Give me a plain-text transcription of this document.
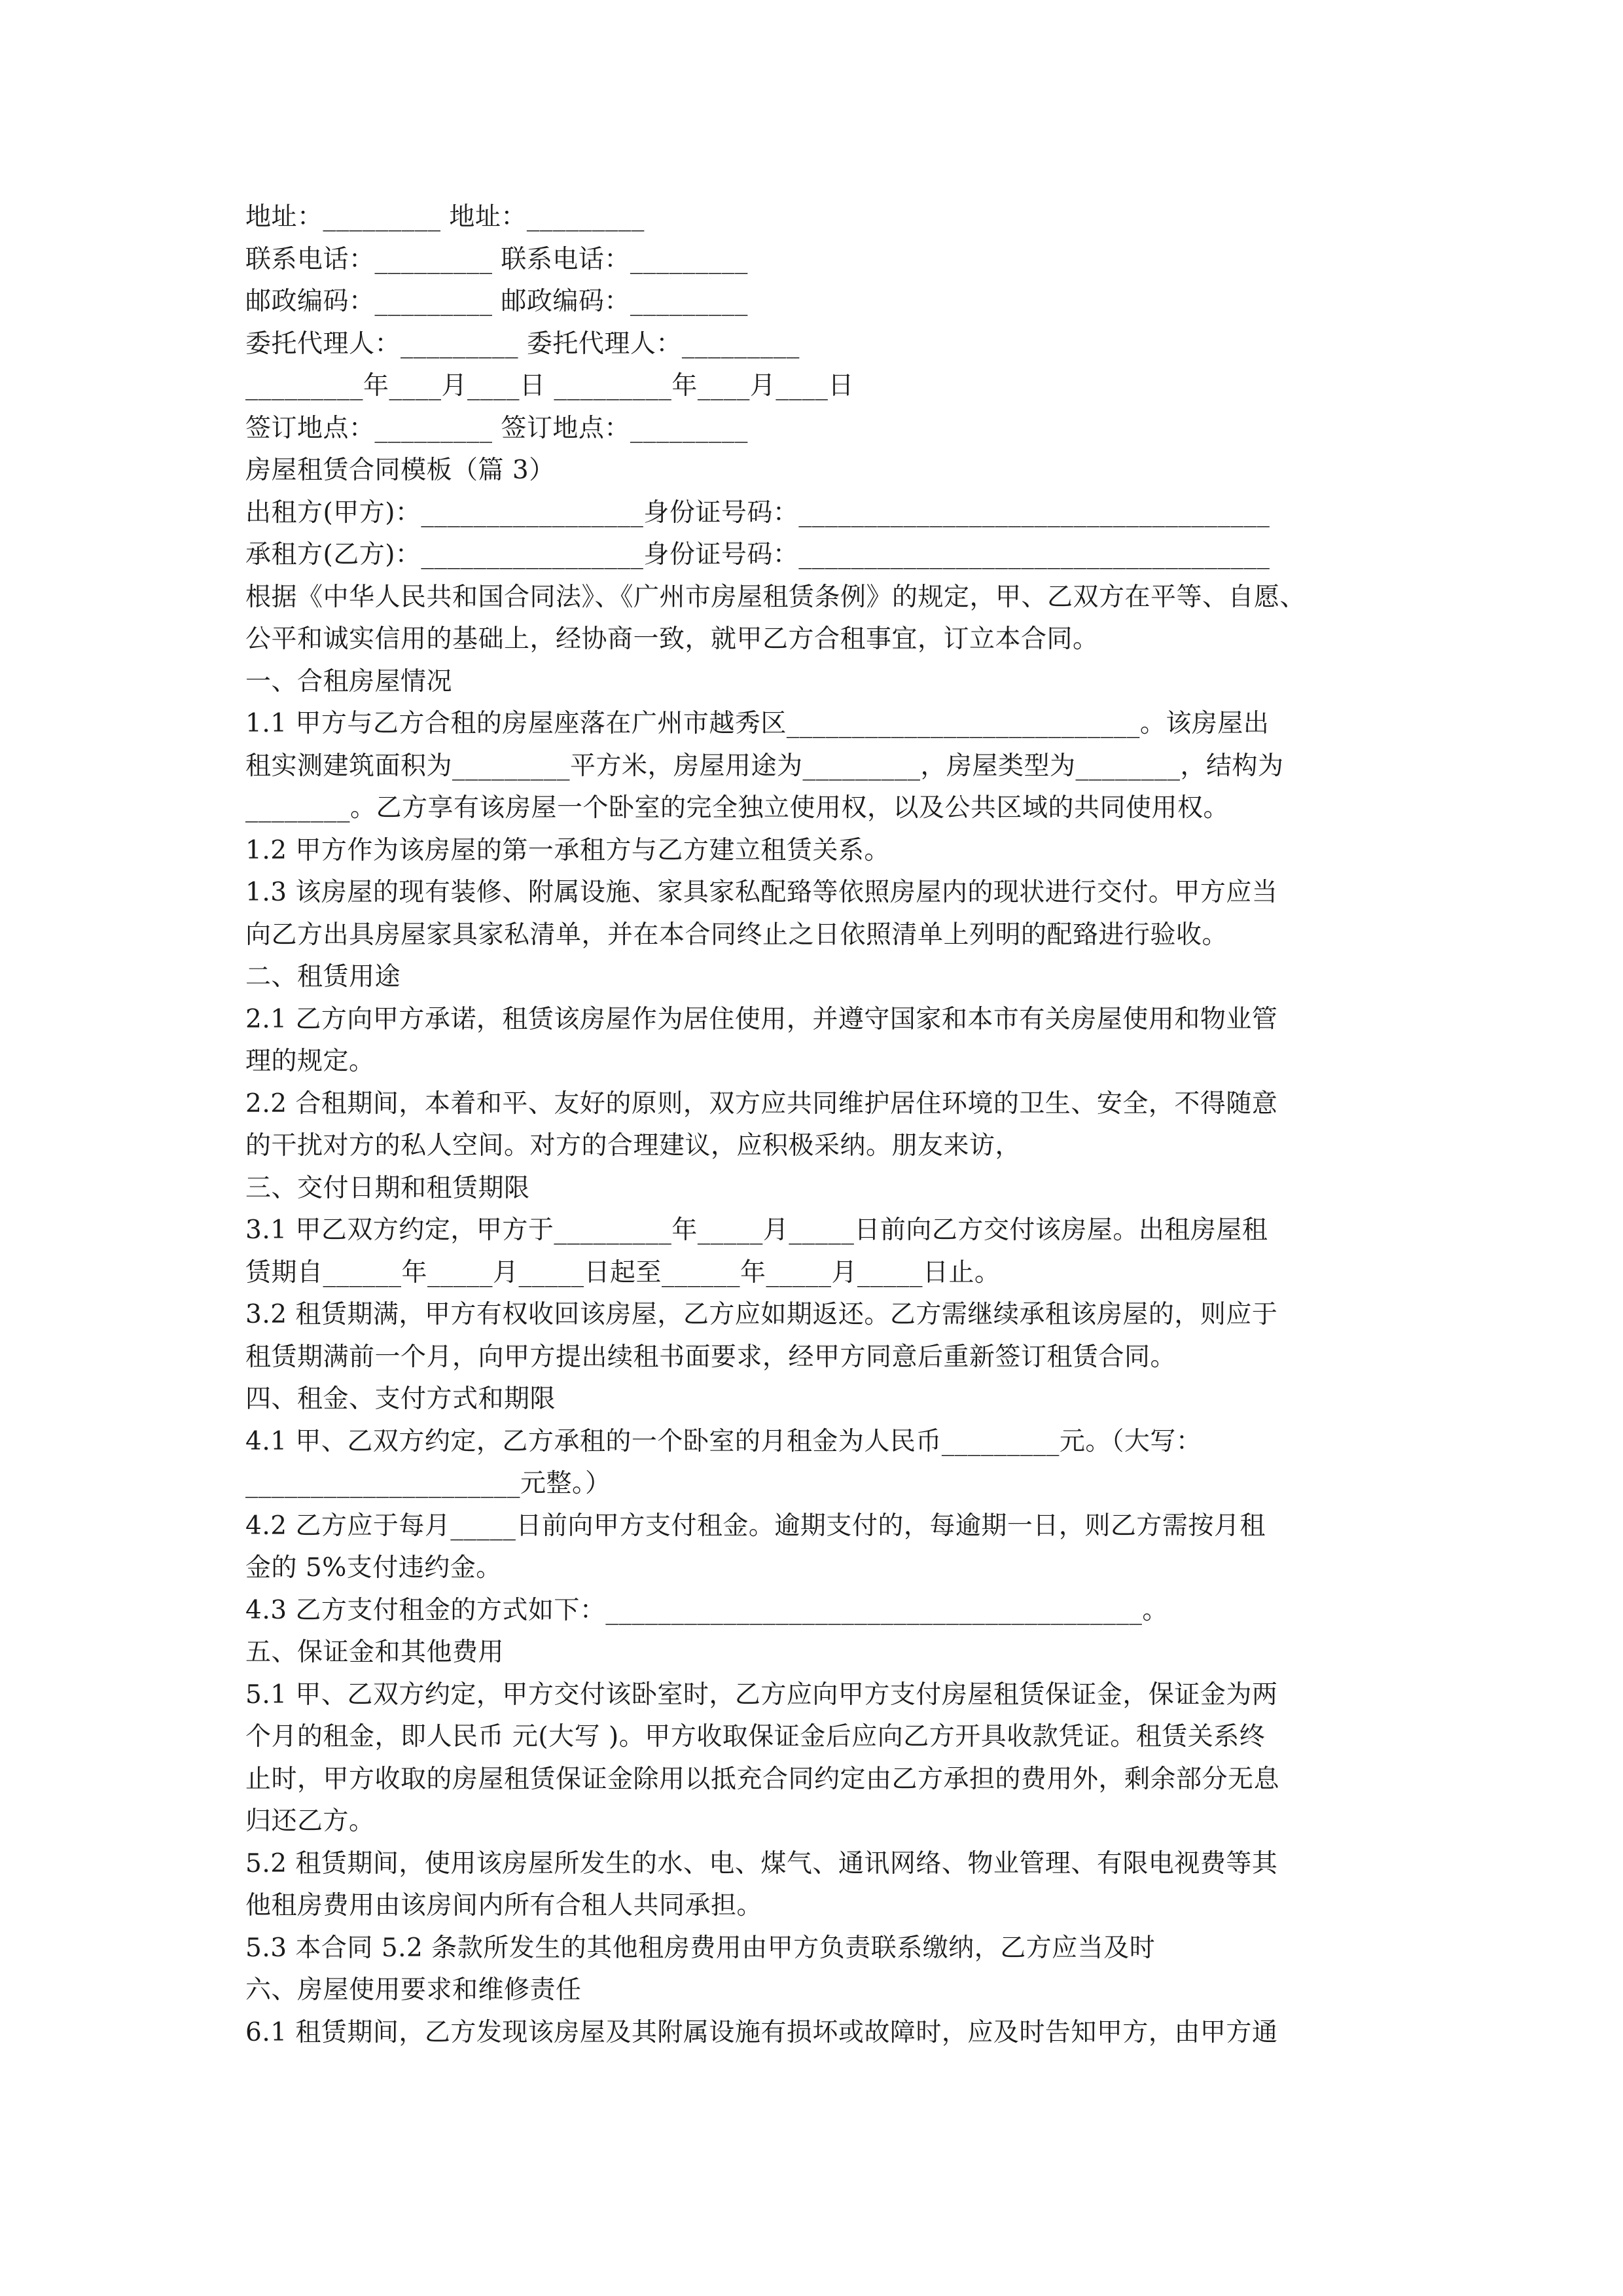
地址：_________ 地址：_________
联系电话：_________ 联系电话：_________
邮政编码：_________ 邮政编码：_________
委托代理人：_________ 委托代理人：_________
_________年____月____日 _________年____月____日
签订地点：_________ 签订地点：_________
房屋租赁合同模板（篇 3）
出租方(甲方)：_________________身份证号码：____________________________________
承租方(乙方)：_________________身份证号码：____________________________________
根据《中华人民共和国合同法》、《广州市房屋租赁条例》的规定，甲、乙双方在平等、自愿、
公平和诚实信用的基础上，经协商一致，就甲乙方合租事宜，订立本合同。
一、合租房屋情况
1.1 甲方与乙方合租的房屋座落在广州市越秀区___________________________。该房屋出
租实测建筑面积为_________平方米，房屋用途为_________，房屋类型为________，结构为
________。乙方享有该房屋一个卧室的完全独立使用权，以及公共区域的共同使用权。
1.2 甲方作为该房屋的第一承租方与乙方建立租赁关系。
1.3 该房屋的现有装修、附属设施、家具家私配臵等依照房屋内的现状进行交付。甲方应当
向乙方出具房屋家具家私清单，并在本合同终止之日依照清单上列明的配臵进行验收。
二、租赁用途
2.1 乙方向甲方承诺，租赁该房屋作为居住使用，并遵守国家和本市有关房屋使用和物业管
理的规定。
2.2 合租期间，本着和平、友好的原则，双方应共同维护居住环境的卫生、安全，不得随意
的干扰对方的私人空间。对方的合理建议，应积极采纳。朋友来访，
三、交付日期和租赁期限
3.1 甲乙双方约定，甲方于_________年_____月_____日前向乙方交付该房屋。出租房屋租
赁期自______年_____月_____日起至______年_____月_____日止。
3.2 租赁期满，甲方有权收回该房屋，乙方应如期返还。乙方需继续承租该房屋的，则应于
租赁期满前一个月，向甲方提出续租书面要求，经甲方同意后重新签订租赁合同。
四、租金、支付方式和期限
4.1 甲、乙双方约定，乙方承租的一个卧室的月租金为人民币_________元。（大写：
_____________________元整。）
4.2 乙方应于每月_____日前向甲方支付租金。逾期支付的，每逾期一日，则乙方需按月租
金的 5%支付违约金。
4.3 乙方支付租金的方式如下：_________________________________________。
五、保证金和其他费用
5.1 甲、乙双方约定，甲方交付该卧室时，乙方应向甲方支付房屋租赁保证金，保证金为两
个月的租金，即人民币 元(大写 )。甲方收取保证金后应向乙方开具收款凭证。租赁关系终
止时，甲方收取的房屋租赁保证金除用以抵充合同约定由乙方承担的费用外，剩余部分无息
归还乙方。
5.2 租赁期间，使用该房屋所发生的水、电、煤气、通讯网络、物业管理、有限电视费等其
他租房费用由该房间内所有合租人共同承担。
5.3 本合同 5.2 条款所发生的其他租房费用由甲方负责联系缴纳，乙方应当及时
六、房屋使用要求和维修责任
6.1 租赁期间，乙方发现该房屋及其附属设施有损坏或故障时，应及时告知甲方，由甲方通
